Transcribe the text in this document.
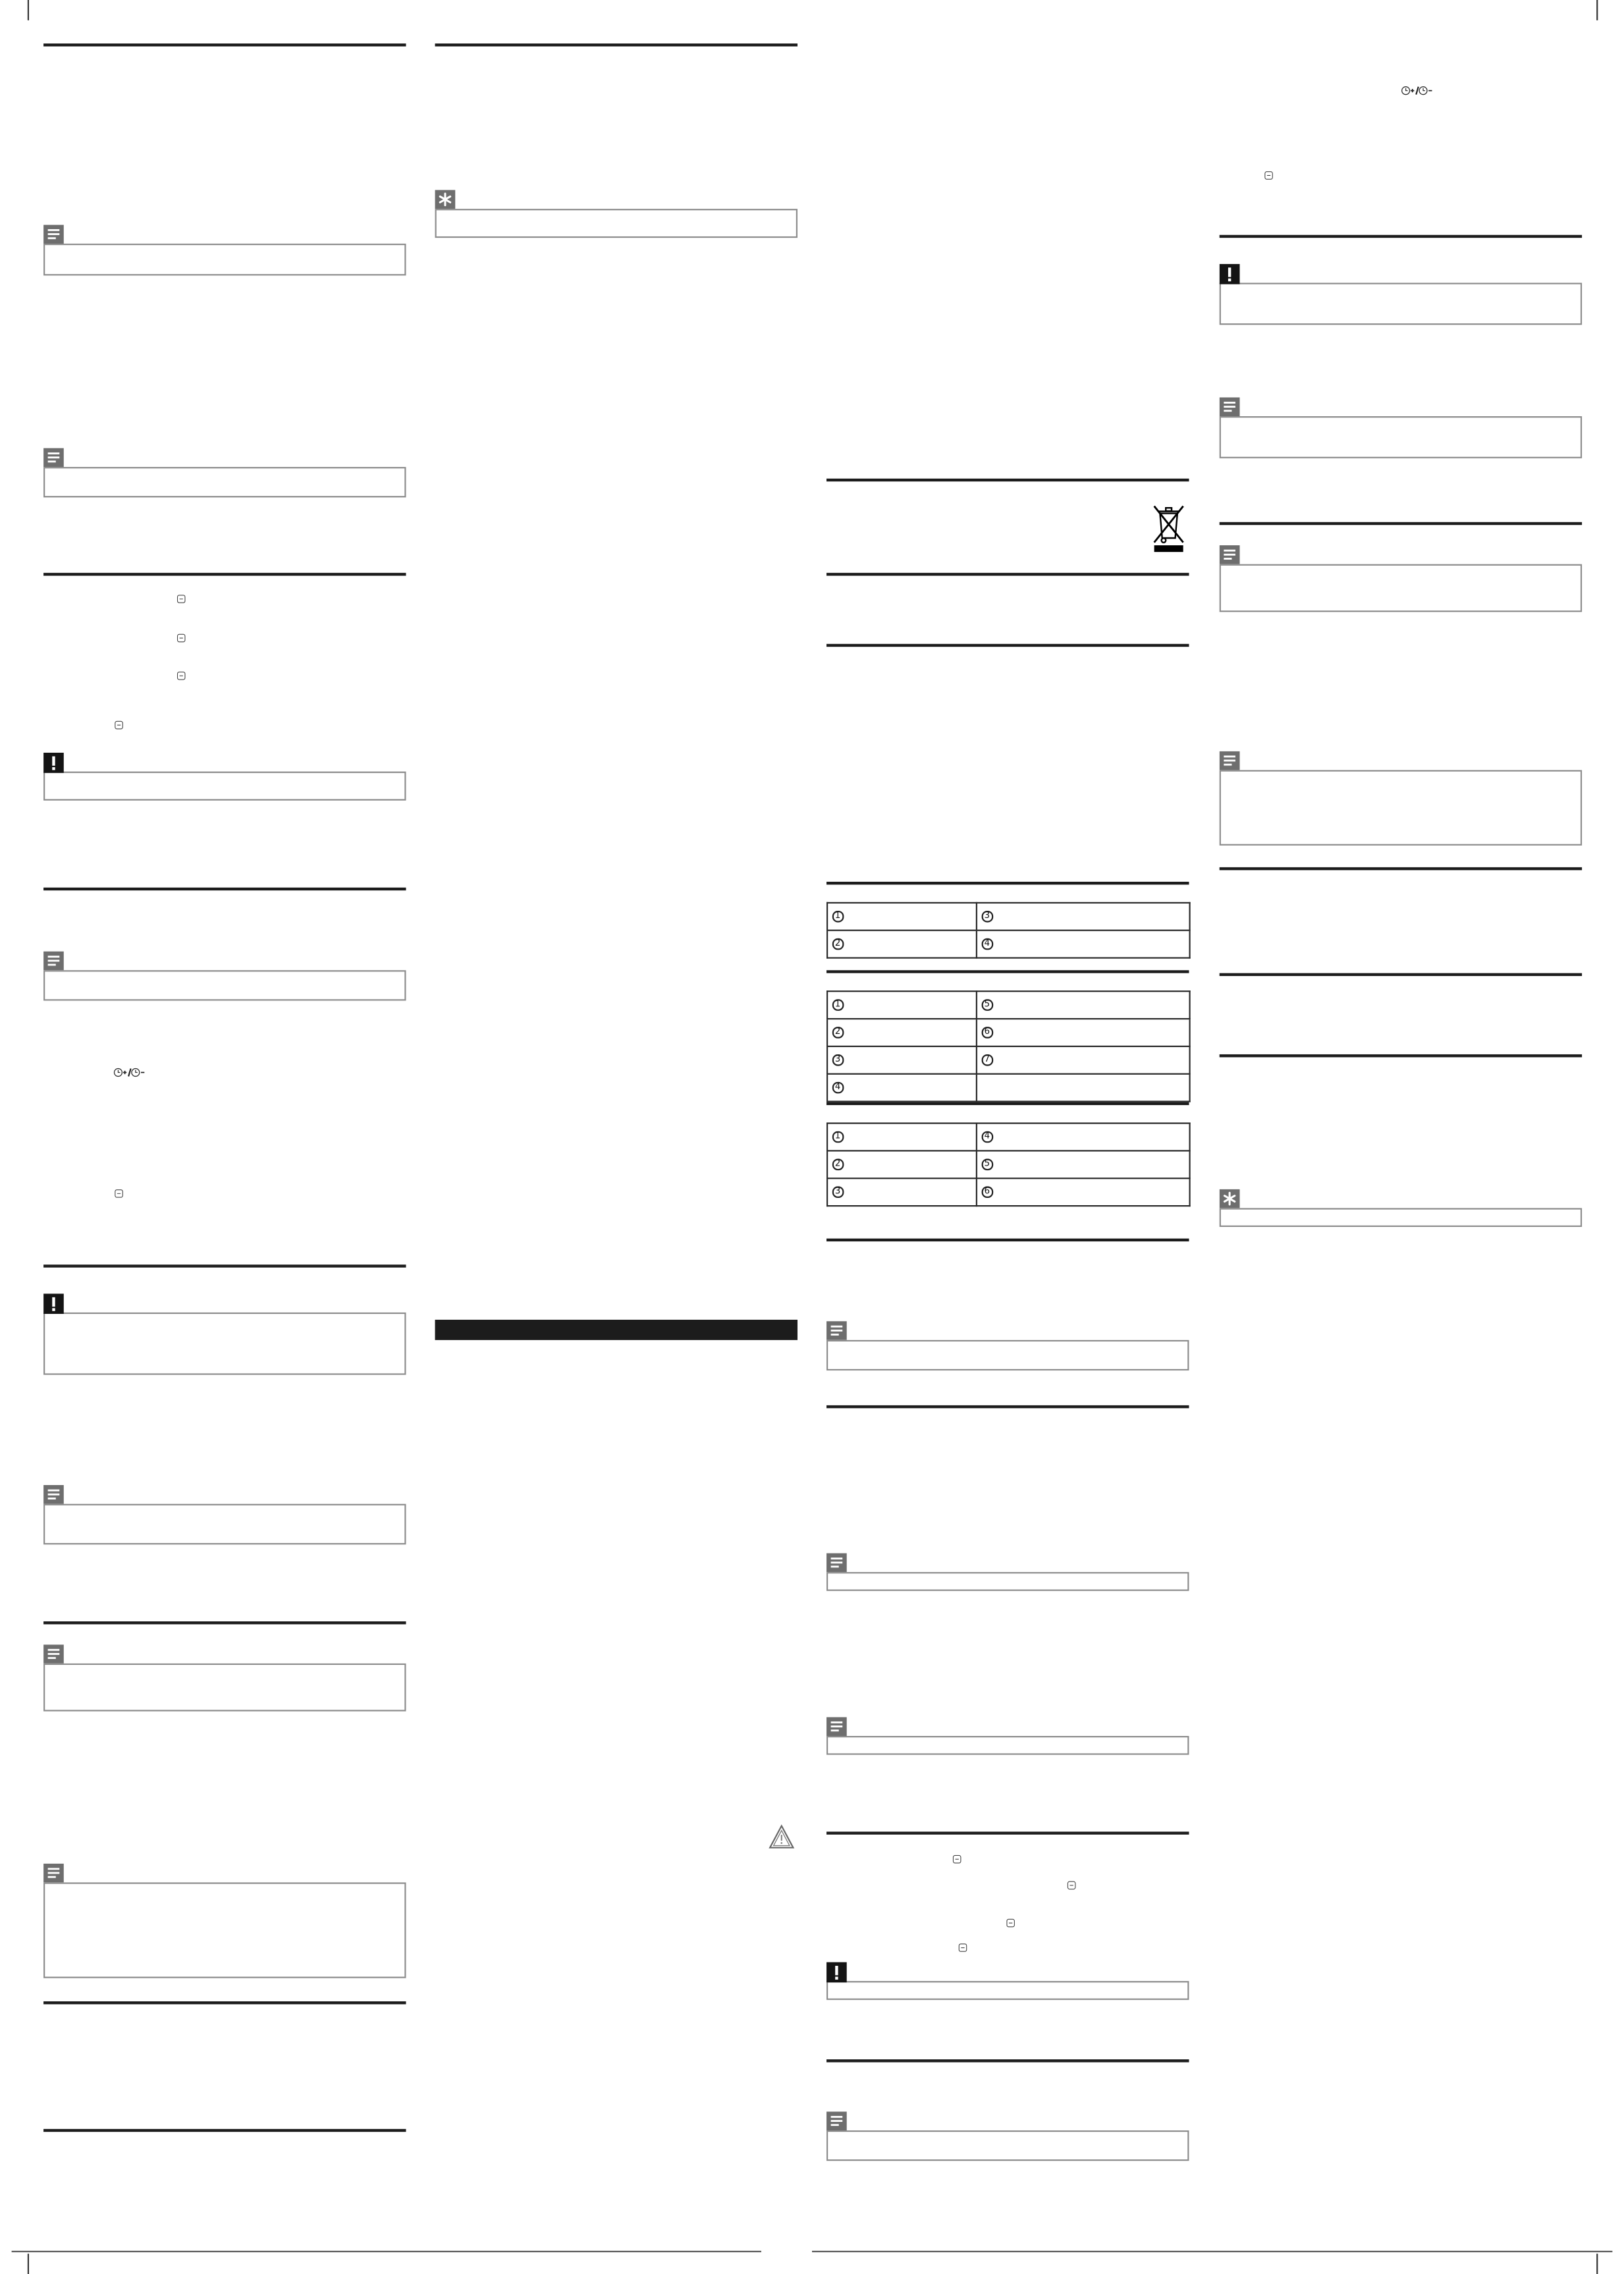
1	3
2	4
1	5
2	6
3	7
4	
1	4
2	5
3	6
